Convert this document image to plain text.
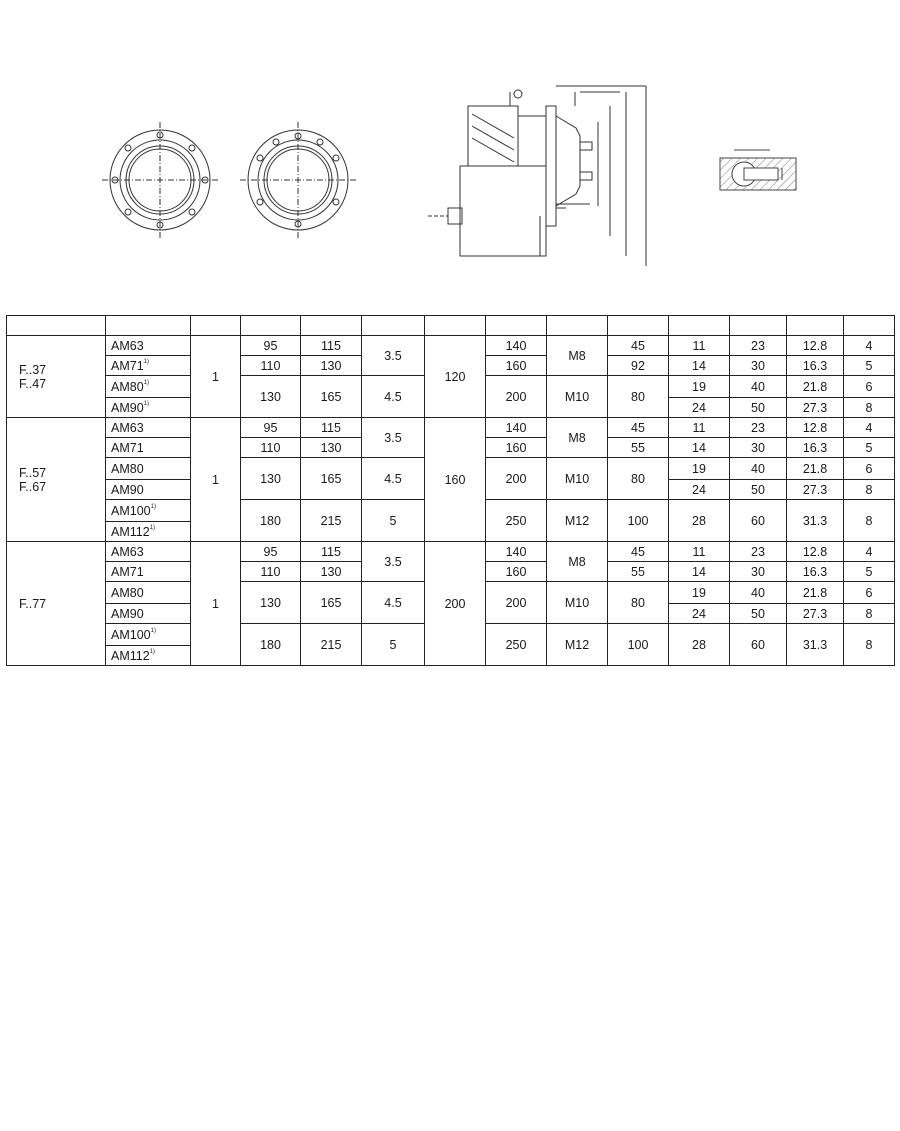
F..37
F..47	AM63	1	95	115	3.5	120	140	M8	45	11	23	12.8	4
	AM71$^{1)}$		110	130			160		92	14	30	16.3	5
	AM80$^{1)}$		130	165	4.5		200	M10	80	19	40	21.8	6
	AM90$^{1)}$									24	50	27.3	8
F..57
F..67	AM63	1	95	115	3.5	160	140	M8	45	11	23	12.8	4
	AM71		110	130			160		55	14	30	16.3	5
	AM80		130	165	4.5		200	M10	80	19	40	21.8	6
	AM90									24	50	27.3	8
	AM100$^{1)}$		180	215	5		250	M12	100	28	60	31.3	8
	AM112$^{1)}$
F..77	AM63	1	95	115	3.5	200	140	M8	45	11	23	12.8	4
	AM71		110	130			160		55	14	30	16.3	5
	AM80		130	165	4.5		200	M10	80	19	40	21.8	6
	AM90									24	50	27.3	8
	AM100$^{1)}$		180	215	5		250	M12	100	28	60	31.3	8
	AM112$^{1)}$
